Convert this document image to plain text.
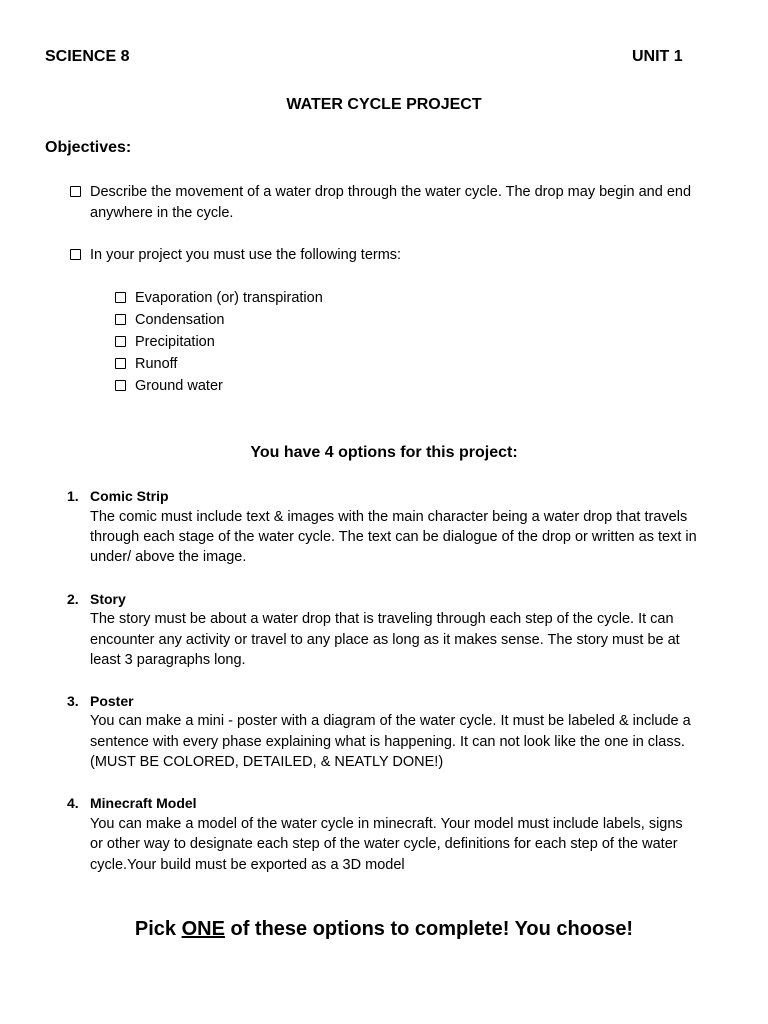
SCIENCE 8	UNIT 1
WATER CYCLE PROJECT
Objectives:
Describe the movement of a water drop through the water cycle. The drop may begin and end
anywhere in the cycle.
In your project you must use the following terms:
Evaporation (or) transpiration
Condensation
Precipitation
Runoff
Ground water
You have 4 options for this project:
1. Comic Strip
The comic must include text & images with the main character being a water drop that travels
through each stage of the water cycle. The text can be dialogue of the drop or written as text in
under/ above the image.
2. Story
The story must be about a water drop that is traveling through each step of the cycle. It can
encounter any activity or travel to any place as long as it makes sense. The story must be at
least 3 paragraphs long.
3. Poster
You can make a mini - poster with a diagram of the water cycle. It must be labeled & include a
sentence with every phase explaining what is happening. It can not look like the one in class.
(MUST BE COLORED, DETAILED, & NEATLY DONE!)
4. Minecraft Model
You can make a model of the water cycle in minecraft. Your model must include labels, signs
or other way to designate each step of the water cycle, definitions for each step of the water
cycle.Your build must be exported as a 3D model
Pick ONE of these options to complete! You choose!
